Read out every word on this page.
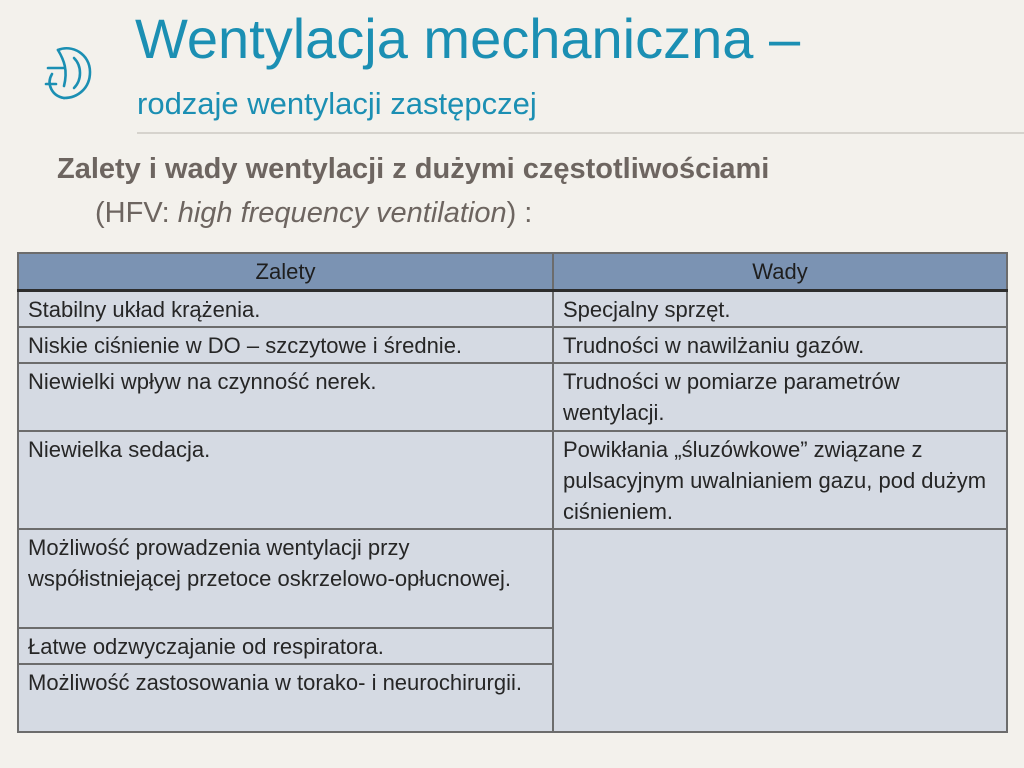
Wentylacja mechaniczna –
rodzaje wentylacji zastępczej
Zalety i wady wentylacji z dużymi częstotliwościami
(HFV: high frequency ventilation) :
Zalety	Wady
Stabilny układ krążenia.	Specjalny sprzęt.
Niskie ciśnienie w DO – szczytowe i średnie.	Trudności w nawilżaniu gazów.
Niewielki wpływ na czynność nerek.	Trudności w pomiarze parametrów wentylacji.
Niewielka sedacja.	Powikłania „śluzówkowe” związane z pulsacyjnym uwalnianiem gazu, pod dużym ciśnieniem.
Możliwość prowadzenia wentylacji przy współistniejącej przetoce oskrzelowo-opłucnowej.	
Łatwe odzwyczajanie od respiratora.	
Możliwość zastosowania w torako- i neurochirurgii.	
